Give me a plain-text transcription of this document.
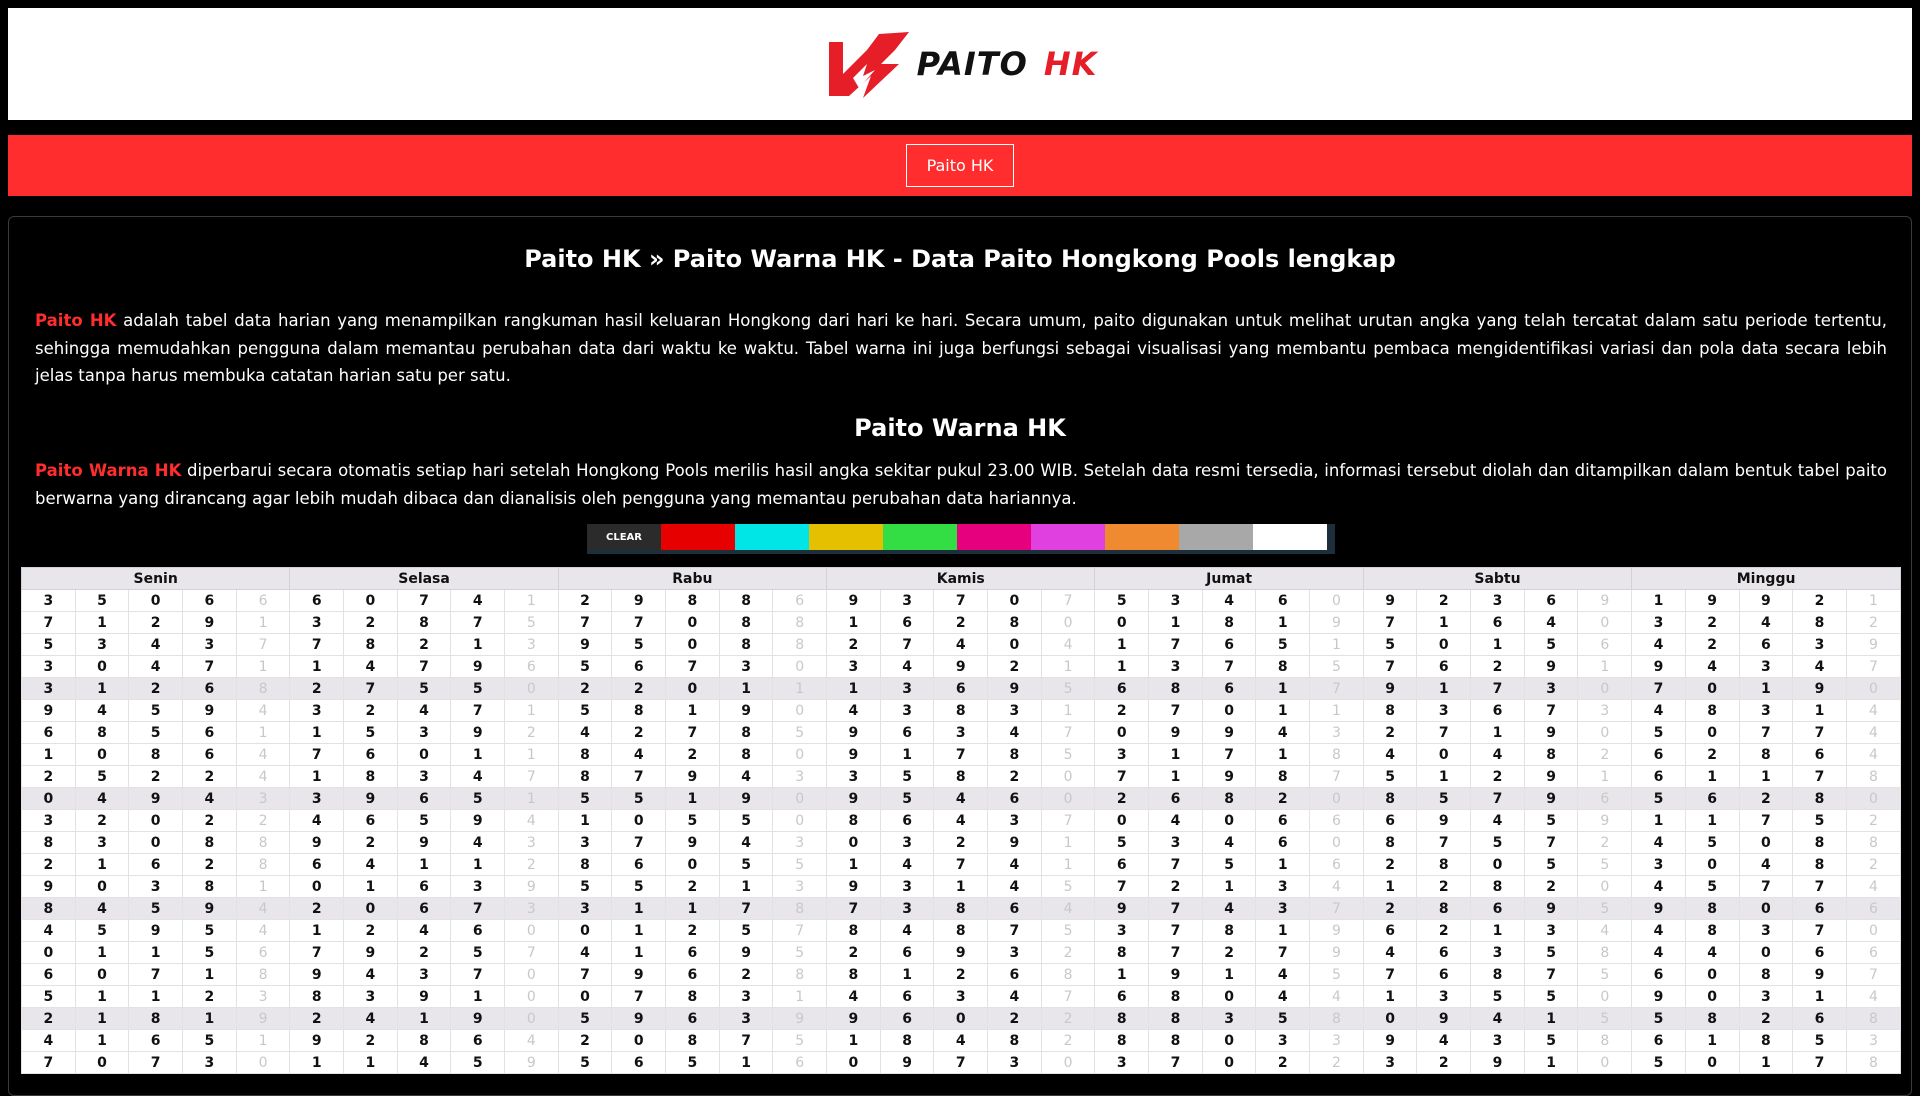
PAITO HK
Paito HK
Paito HK » Paito Warna HK - Data Paito Hongkong Pools lengkap

Paito HK adalah tabel data harian yang menampilkan rangkuman hasil keluaran Hongkong dari hari ke hari. Secara umum, paito digunakan untuk melihat urutan angka yang telah tercatat dalam satu periode tertentu, sehingga memudahkan pengguna dalam memantau perubahan data dari waktu ke waktu. Tabel warna ini juga berfungsi sebagai visualisasi yang membantu pembaca mengidentifikasi variasi dan pola data secara lebih jelas tanpa harus membuka catatan harian satu per satu.

Paito Warna HK

Paito Warna HK diperbarui secara otomatis setiap hari setelah Hongkong Pools merilis hasil angka sekitar pukul 23.00 WIB. Setelah data resmi tersedia, informasi tersebut diolah dan ditampilkan dalam bentuk tabel paito berwarna yang dirancang agar lebih mudah dibaca dan dianalisis oleh pengguna yang memantau perubahan data hariannya.

CLEAR
Senin					Selasa					Rabu					Kamis					Jumat					Sabtu					Minggu				
3	5	0	6	6	6	0	7	4	1	2	9	8	8	6	9	3	7	0	7	5	3	4	6	0	9	2	3	6	9	1	9	9	2	1
7	1	2	9	1	3	2	8	7	5	7	7	0	8	8	1	6	2	8	0	0	1	8	1	9	7	1	6	4	0	3	2	4	8	2
5	3	4	3	7	7	8	2	1	3	9	5	0	8	8	2	7	4	0	4	1	7	6	5	1	5	0	1	5	6	4	2	6	3	9
3	0	4	7	1	1	4	7	9	6	5	6	7	3	0	3	4	9	2	1	1	3	7	8	5	7	6	2	9	1	9	4	3	4	7
3	1	2	6	8	2	7	5	5	0	2	2	0	1	1	1	3	6	9	5	6	8	6	1	7	9	1	7	3	0	7	0	1	9	0
9	4	5	9	4	3	2	4	7	1	5	8	1	9	0	4	3	8	3	1	2	7	0	1	1	8	3	6	7	3	4	8	3	1	4
6	8	5	6	1	1	5	3	9	2	4	2	7	8	5	9	6	3	4	7	0	9	9	4	3	2	7	1	9	0	5	0	7	7	4
1	0	8	6	4	7	6	0	1	1	8	4	2	8	0	9	1	7	8	5	3	1	7	1	8	4	0	4	8	2	6	2	8	6	4
2	5	2	2	4	1	8	3	4	7	8	7	9	4	3	3	5	8	2	0	7	1	9	8	7	5	1	2	9	1	6	1	1	7	8
0	4	9	4	3	3	9	6	5	1	5	5	1	9	0	9	5	4	6	0	2	6	8	2	0	8	5	7	9	6	5	6	2	8	0
3	2	0	2	2	4	6	5	9	4	1	0	5	5	0	8	6	4	3	7	0	4	0	6	6	6	9	4	5	9	1	1	7	5	2
8	3	0	8	8	9	2	9	4	3	3	7	9	4	3	0	3	2	9	1	5	3	4	6	0	8	7	5	7	2	4	5	0	8	8
2	1	6	2	8	6	4	1	1	2	8	6	0	5	5	1	4	7	4	1	6	7	5	1	6	2	8	0	5	5	3	0	4	8	2
9	0	3	8	1	0	1	6	3	9	5	5	2	1	3	9	3	1	4	5	7	2	1	3	4	1	2	8	2	0	4	5	7	7	4
8	4	5	9	4	2	0	6	7	3	3	1	1	7	8	7	3	8	6	4	9	7	4	3	7	2	8	6	9	5	9	8	0	6	6
4	5	9	5	4	1	2	4	6	0	0	1	2	5	7	8	4	8	7	5	3	7	8	1	9	6	2	1	3	4	4	8	3	7	0
0	1	1	5	6	7	9	2	5	7	4	1	6	9	5	2	6	9	3	2	8	7	2	7	9	4	6	3	5	8	4	4	0	6	6
6	0	7	1	8	9	4	3	7	0	7	9	6	2	8	8	1	2	6	8	1	9	1	4	5	7	6	8	7	5	6	0	8	9	7
5	1	1	2	3	8	3	9	1	0	0	7	8	3	1	4	6	3	4	7	6	8	0	4	4	1	3	5	5	0	9	0	3	1	4
2	1	8	1	9	2	4	1	9	0	5	9	6	3	9	9	6	0	2	2	8	8	3	5	8	0	9	4	1	5	5	8	2	6	8
4	1	6	5	1	9	2	8	6	4	2	0	8	7	5	1	8	4	8	2	8	8	0	3	3	9	4	3	5	8	6	1	8	5	3
7	0	7	3	0	1	1	4	5	9	5	6	5	1	6	0	9	7	3	0	3	7	0	2	2	3	2	9	1	0	5	0	1	7	8
